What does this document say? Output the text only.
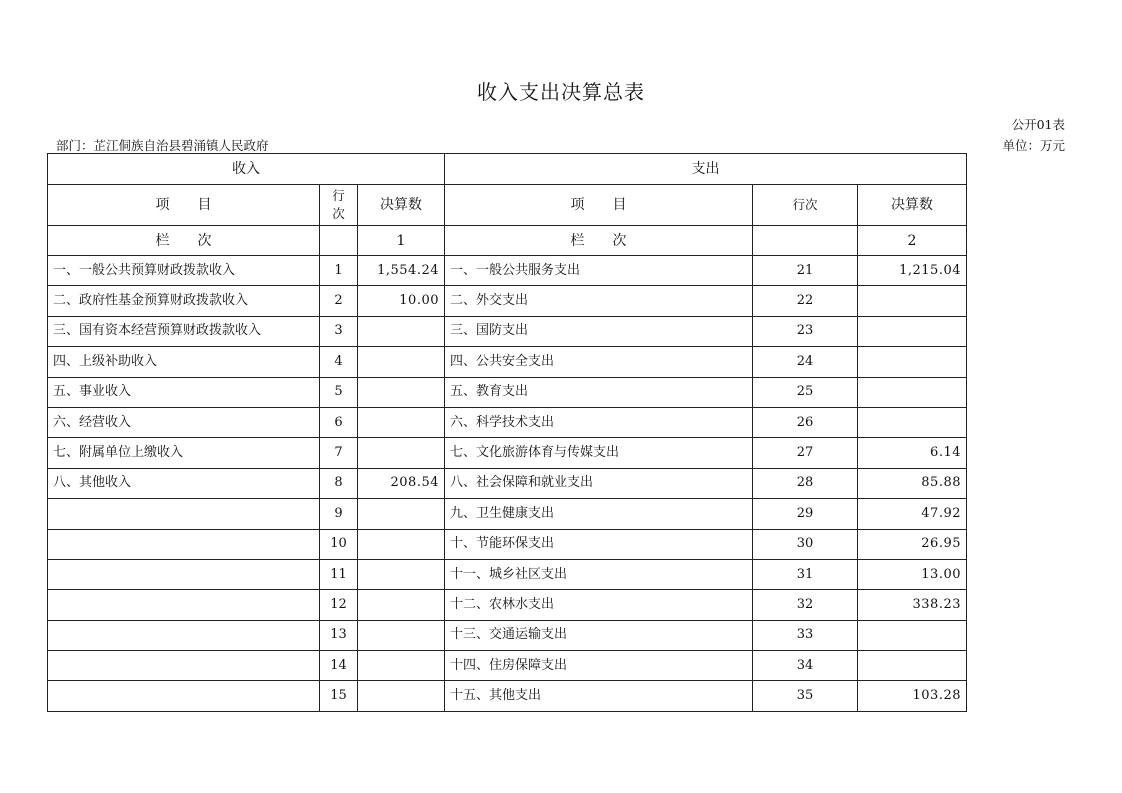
收入支出决算总表
公开01表
部门：芷江侗族自治县碧涌镇人民政府	单位：万元
收入			支出		
项　　目	行次	决算数	项　　目	行次	决算数
栏　　次		1	栏　　次		2
一、一般公共预算财政拨款收入	1	1,554.24	一、一般公共服务支出	21	1,215.04
二、政府性基金预算财政拨款收入	2	10.00	二、外交支出	22	
三、国有资本经营预算财政拨款收入	3		三、国防支出	23	
四、上级补助收入	4		四、公共安全支出	24	
五、事业收入	5		五、教育支出	25	
六、经营收入	6		六、科学技术支出	26	
七、附属单位上缴收入	7		七、文化旅游体育与传媒支出	27	6.14
八、其他收入	8	208.54	八、社会保障和就业支出	28	85.88
	9		九、卫生健康支出	29	47.92
	10		十、节能环保支出	30	26.95
	11		十一、城乡社区支出	31	13.00
	12		十二、农林水支出	32	338.23
	13		十三、交通运输支出	33	
	14		十四、住房保障支出	34	
	15		十五、其他支出	35	103.28
